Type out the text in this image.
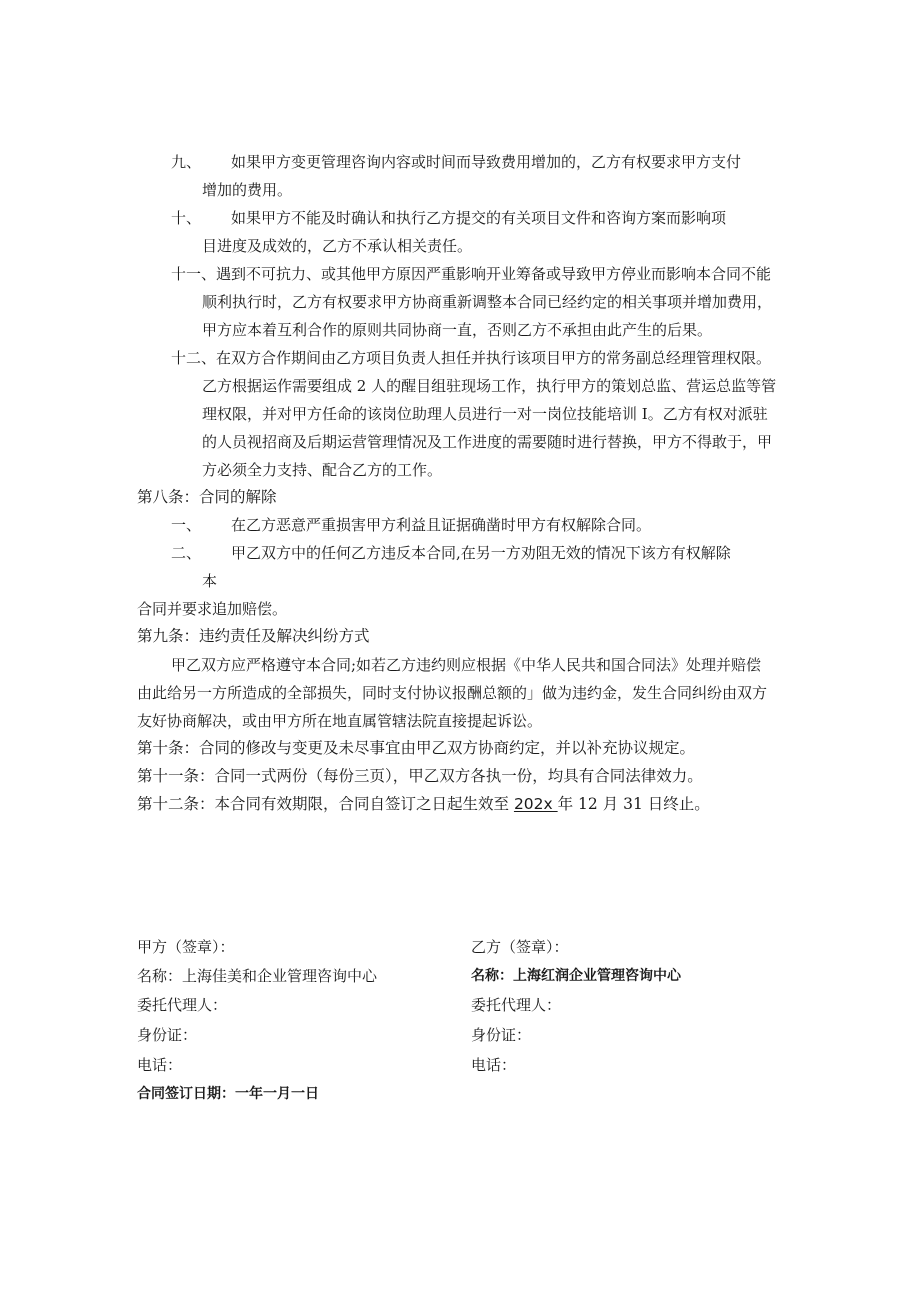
九、 如果甲方变更管理咨询内容或时间而导致费用增加的，乙方有权要求甲方支付
增加的费用。
十、 如果甲方不能及时确认和执行乙方提交的有关项目文件和咨询方案而影响项
目进度及成效的，乙方不承认相关责任。
十一、遇到不可抗力、或其他甲方原因严重影响开业筹备或导致甲方停业而影响本合同不能
顺利执行时，乙方有权要求甲方协商重新调整本合同已经约定的相关事项并增加费用，
甲方应本着互利合作的原则共同协商一直，否则乙方不承担由此产生的后果。
十二、在双方合作期间由乙方项目负责人担任并执行该项目甲方的常务副总经理管理权限。
乙方根据运作需要组成 2 人的醒目组驻现场工作，执行甲方的策划总监、营运总监等管
理权限，并对甲方任命的该岗位助理人员进行一对一岗位技能培训 I。乙方有权对派驻
的人员视招商及后期运营管理情况及工作进度的需要随时进行替换，甲方不得敢于，甲
方必须全力支持、配合乙方的工作。
第八条：合同的解除
一、 在乙方恶意严重损害甲方利益且证据确凿时甲方有权解除合同。
二、 甲乙双方中的任何乙方违反本合同,在另一方劝阻无效的情况下该方有权解除
本
合同并要求追加赔偿。
第九条：违约责任及解决纠纷方式
甲乙双方应严格遵守本合同;如若乙方违约则应根据《中华人民共和国合同法》处理并赔偿
由此给另一方所造成的全部损失，同时支付协议报酬总额的」做为违约金，发生合同纠纷由双方
友好协商解决，或由甲方所在地直属管辖法院直接提起诉讼。
第十条：合同的修改与变更及未尽事宜由甲乙双方协商约定，并以补充协议规定。
第十一条：合同一式两份（每份三页），甲乙双方各执一份，均具有合同法律效力。
第十二条：本合同有效期限，合同自签订之日起生效至 202x 年 12 月 31 日终止。
甲方（签章）：
名称：上海佳美和企业管理咨询中心
委托代理人：
身份证：
电话：
乙方（签章）：
名称：上海红润企业管理咨询中心
委托代理人：
身份证：
电话：
合同签订日期：一年一月一日
